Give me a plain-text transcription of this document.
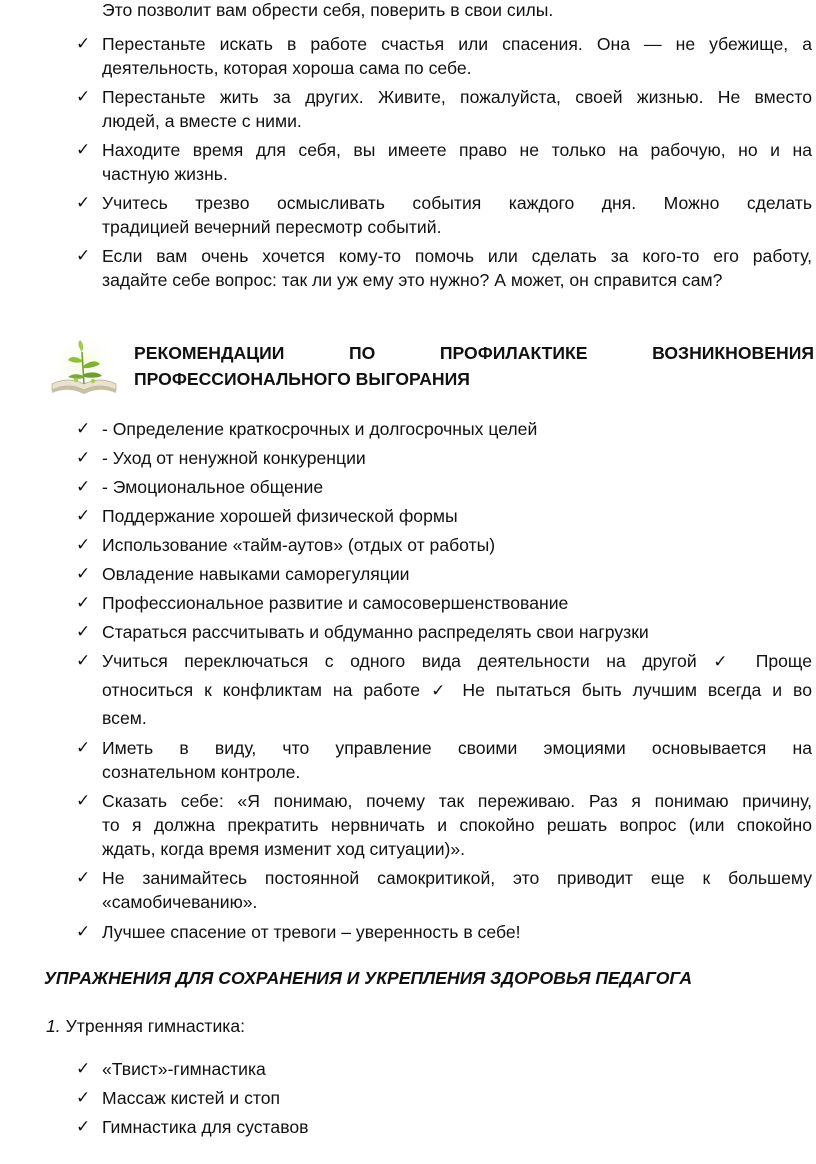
Это позволит вам обрести себя, поверить в свои силы.
✓ Перестаньте искать в работе счастья или спасения. Она — не убежище, а
деятельность, которая хороша сама по себе.
✓ Перестаньте жить за других. Живите, пожалуйста, своей жизнью. Не вместо
людей, а вместе с ними.
✓ Находите время для себя, вы имеете право не только на рабочую, но и на
частную жизнь.
✓ Учитесь трезво осмысливать события каждого дня. Можно сделать
традицией вечерний пересмотр событий.
✓ Если вам очень хочется кому-то помочь или сделать за кого-то его работу,
задайте себе вопрос: так ли уж ему это нужно? А может, он справится сам?
РЕКОМЕНДАЦИИ ПО ПРОФИЛАКТИКЕ ВОЗНИКНОВЕНИЯ
ПРОФЕССИОНАЛЬНОГО ВЫГОРАНИЯ
✓ - Определение краткосрочных и долгосрочных целей
✓ - Уход от ненужной конкуренции
✓ - Эмоциональное общение
✓ Поддержание хорошей физической формы
✓ Использование «тайм-аутов» (отдых от работы)
✓ Овладение навыками саморегуляции
✓ Профессиональное развитие и самосовершенствование
✓ Стараться рассчитывать и обдуманно распределять свои нагрузки
✓ Учиться переключаться с одного вида деятельности на другой ✓ Проще
относиться к конфликтам на работе ✓ Не пытаться быть лучшим всегда и во
всем.
✓ Иметь в виду, что управление своими эмоциями основывается на
сознательном контроле.
✓ Сказать себе: «Я понимаю, почему так переживаю. Раз я понимаю причину,
то я должна прекратить нервничать и спокойно решать вопрос (или спокойно
ждать, когда время изменит ход ситуации)».
✓ Не занимайтесь постоянной самокритикой, это приводит еще к большему
«самобичеванию».
✓ Лучшее спасение от тревоги – уверенность в себе!
УПРАЖНЕНИЯ ДЛЯ СОХРАНЕНИЯ И УКРЕПЛЕНИЯ ЗДОРОВЬЯ ПЕДАГОГА
1. Утренняя гимнастика:
✓ «Твист»-гимнастика
✓ Массаж кистей и стоп
✓ Гимнастика для суставов
